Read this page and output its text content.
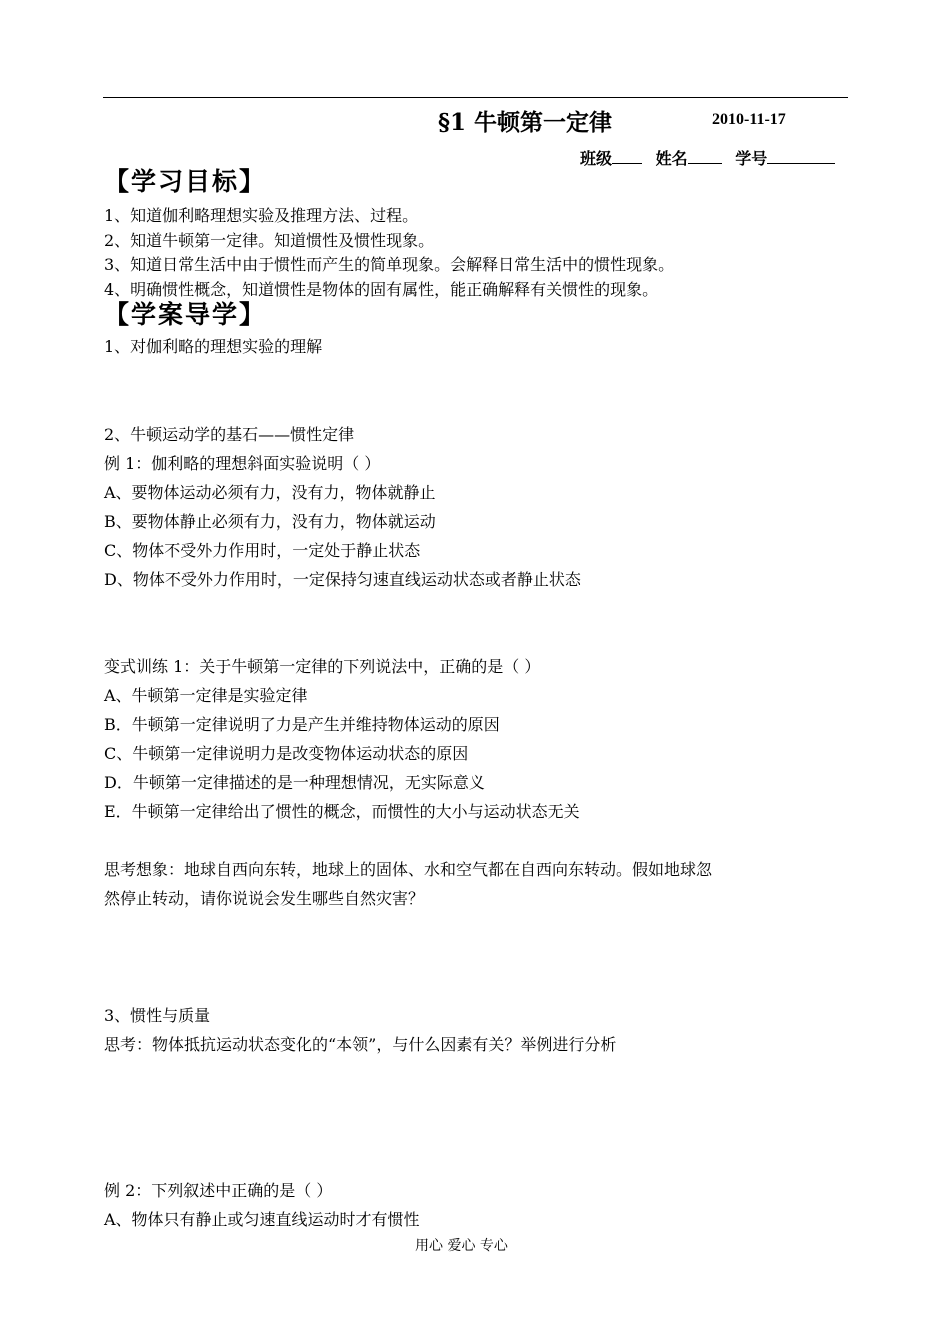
§1 牛顿第一定律	2010-11-17
班级	姓名	学号
【学习目标】
1、知道伽利略理想实验及推理方法、过程。
2、知道牛顿第一定律。知道惯性及惯性现象。
3、知道日常生活中由于惯性而产生的简单现象。会解释日常生活中的惯性现象。
4、明确惯性概念，知道惯性是物体的固有属性，能正确解释有关惯性的现象。
【学案导学】
1、对伽利略的理想实验的理解
2、牛顿运动学的基石——惯性定律
例 1：伽利略的理想斜面实验说明（ ）
A、要物体运动必须有力，没有力，物体就静止
B、要物体静止必须有力，没有力，物体就运动
C、物体不受外力作用时，一定处于静止状态
D、物体不受外力作用时，一定保持匀速直线运动状态或者静止状态
变式训练 1：关于牛顿第一定律的下列说法中，正确的是（ ）
A、牛顿第一定律是实验定律
B．牛顿第一定律说明了力是产生并维持物体运动的原因
C、牛顿第一定律说明力是改变物体运动状态的原因
D．牛顿第一定律描述的是一种理想情况，无实际意义
E．牛顿第一定律给出了惯性的概念，而惯性的大小与运动状态无关
思考想象：地球自西向东转，地球上的固体、水和空气都在自西向东转动。假如地球忽
然停止转动，请你说说会发生哪些自然灾害？
3、惯性与质量
思考：物体抵抗运动状态变化的“本领”，与什么因素有关？举例进行分析
例 2：下列叙述中正确的是（ ）
A、物体只有静止或匀速直线运动时才有惯性
用心 爱心 专心
